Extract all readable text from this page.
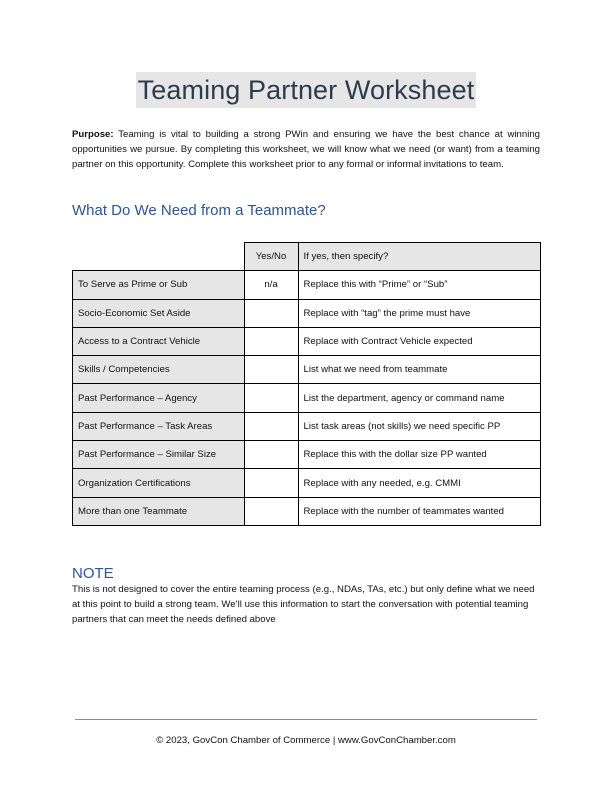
Teaming Partner Worksheet

Purpose: Teaming is vital to building a strong PWin and ensuring we have the best chance at winning opportunities we pursue. By completing this worksheet, we will know what we need (or want) from a teaming partner on this opportunity. Complete this worksheet prior to any formal or informal invitations to team.

What Do We Need from a Teammate?
	Yes/No	If yes, then specify?
To Serve as Prime or Sub	n/a	Replace this with “Prime” or “Sub”
Socio-Economic Set Aside		Replace with “tag” the prime must have
Access to a Contract Vehicle		Replace with Contract Vehicle expected
Skills / Competencies		List what we need from teammate
Past Performance – Agency		List the department, agency or command name
Past Performance – Task Areas		List task areas (not skills) we need specific PP
Past Performance – Similar Size		Replace this with the dollar size PP wanted
Organization Certifications		Replace with any needed, e.g. CMMI
More than one Teammate		Replace with the number of teammates wanted
NOTE

This is not designed to cover the entire teaming process (e.g., NDAs, TAs, etc.) but only define what we need at this point to build a strong team. We’ll use this information to start the conversation with potential teaming partners that can meet the needs defined above

© 2023, GovCon Chamber of Commerce | www.GovConChamber.com
